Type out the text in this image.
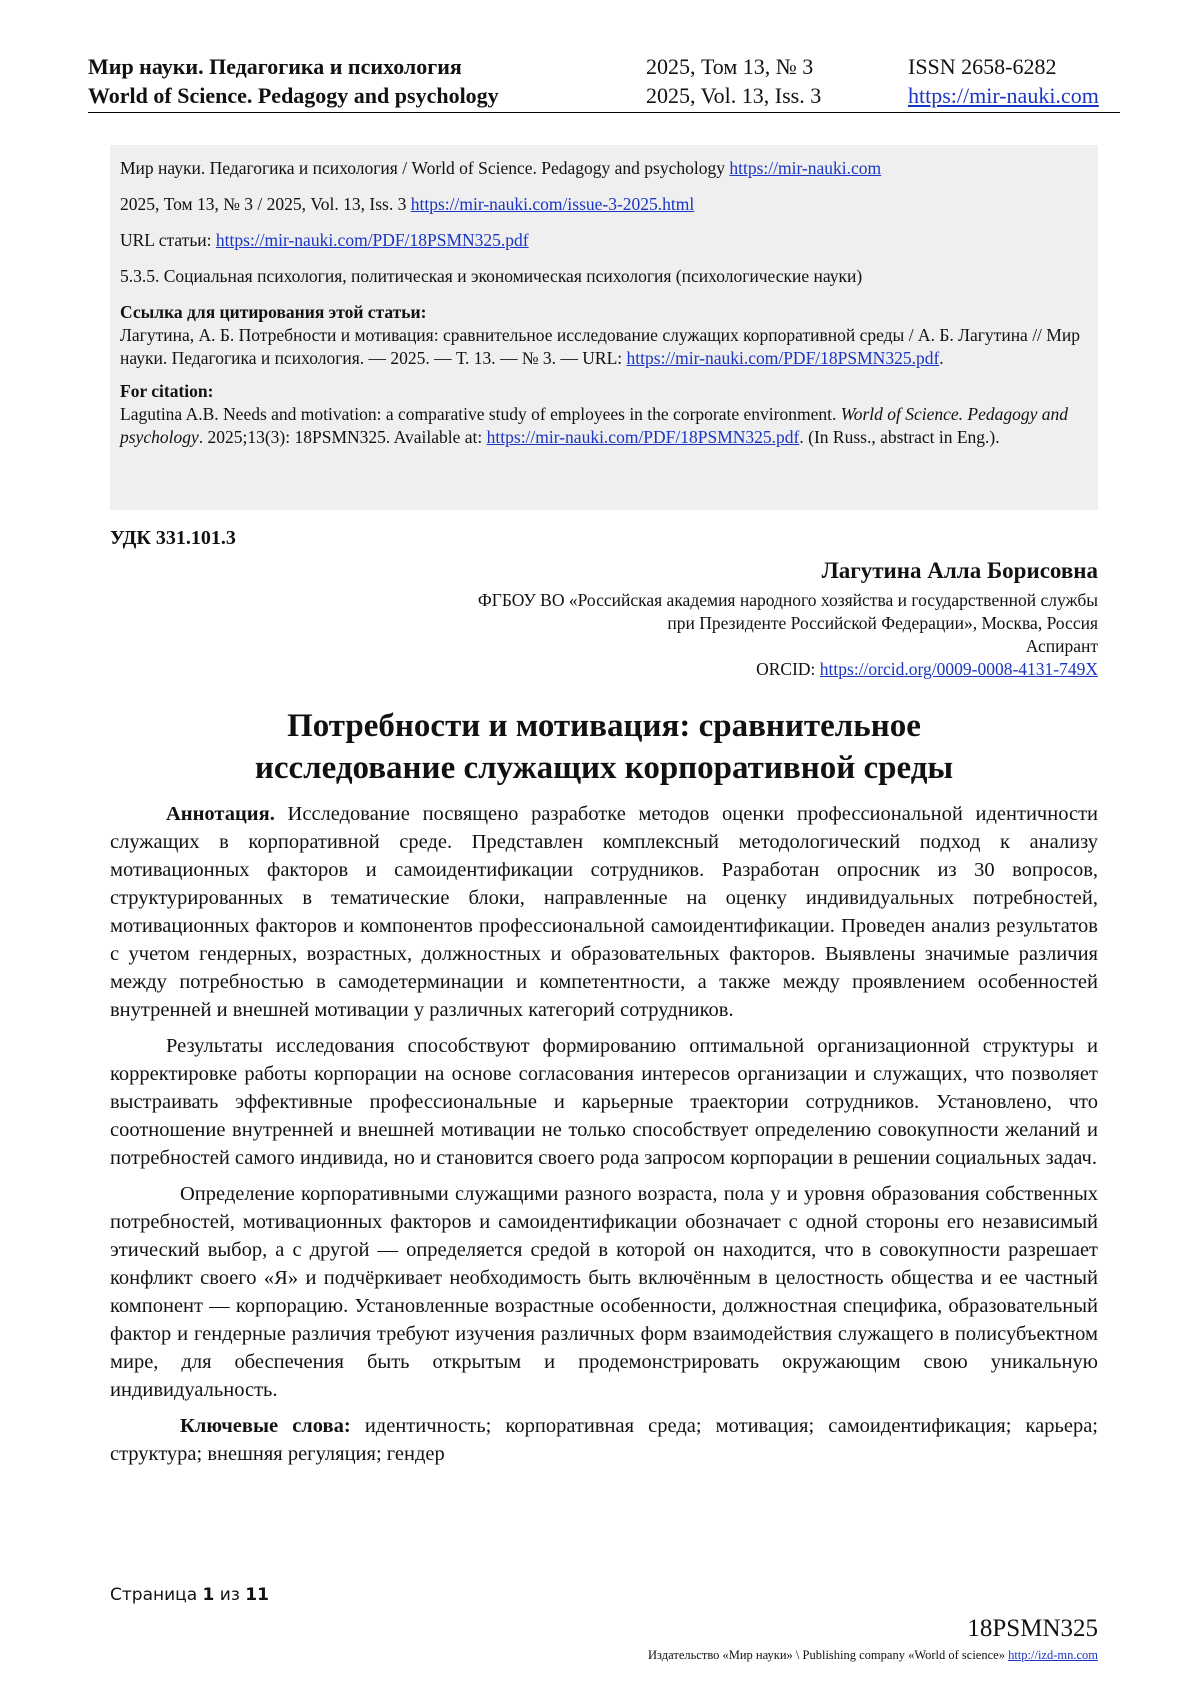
Мир науки. Педагогика и психология
World of Science. Pedagogy and psychology
2025, Том 13, № 3
2025, Vol. 13, Iss. 3
ISSN 2658-6282
https://mir-nauki.com

Мир науки. Педагогика и психология / World of Science. Pedagogy and psychology https://mir-nauki.com

2025, Том 13, № 3 / 2025, Vol. 13, Iss. 3 https://mir-nauki.com/issue-3-2025.html

URL статьи: https://mir-nauki.com/PDF/18PSMN325.pdf

5.3.5. Социальная психология, политическая и экономическая психология (психологические науки)

Ссылка для цитирования этой статьи:
Лагутина, А. Б. Потребности и мотивация: сравнительное исследование служащих корпоративной среды / А. Б. Лагутина // Мир науки. Педагогика и психология. — 2025. — Т. 13. — № 3. — URL: https://mir-nauki.com/PDF/18PSMN325.pdf.
For citation:
Lagutina A.B. Needs and motivation: a comparative study of employees in the corporate environment. World of Science. Pedagogy and psychology. 2025;13(3): 18PSMN325. Available at: https://mir-nauki.com/PDF/18PSMN325.pdf. (In Russ., abstract in Eng.).
УДК 331.101.3
Лагутина Алла Борисовна
ФГБОУ ВО «Российская академия народного хозяйства и государственной службы
при Президенте Российской Федерации», Москва, Россия
Аспирант
ORCID: https://orcid.org/0009-0008-4131-749X
Потребности и мотивация: сравнительное
исследование служащих корпоративной среды

Аннотация. Исследование посвящено разработке методов оценки профессиональной идентичности служащих в корпоративной среде. Представлен комплексный методологический подход к анализу мотивационных факторов и самоидентификации сотрудников. Разработан опросник из 30 вопросов, структурированных в тематические блоки, направленные на оценку индивидуальных потребностей, мотивационных факторов и компонентов профессиональной самоидентификации. Проведен анализ результатов с учетом гендерных, возрастных, должностных и образовательных факторов. Выявлены значимые различия между потребностью в самодетерминации и компетентности, а также между проявлением особенностей внутренней и внешней мотивации у различных категорий сотрудников.

Результаты исследования способствуют формированию оптимальной организационной структуры и корректировке работы корпорации на основе согласования интересов организации и служащих, что позволяет выстраивать эффективные профессиональные и карьерные траектории сотрудников. Установлено, что соотношение внутренней и внешней мотивации не только способствует определению совокупности желаний и потребностей самого индивида, но и становится своего рода запросом корпорации в решении социальных задач.

Определение корпоративными служащими разного возраста, пола у и уровня образования собственных потребностей, мотивационных факторов и самоидентификации обозначает с одной стороны его независимый этический выбор, а с другой — определяется средой в которой он находится, что в совокупности разрешает конфликт своего «Я» и подчёркивает необходимость быть включённым в целостность общества и ее частный компонент — корпорацию. Установленные возрастные особенности, должностная специфика, образовательный фактор и гендерные различия требуют изучения различных форм взаимодействия служащего в полисубъектном мире, для обеспечения быть открытым и продемонстрировать окружающим свою уникальную индивидуальность.

Ключевые слова: идентичность; корпоративная среда; мотивация; самоидентификация; карьера; структура; внешняя регуляция; гендер

Страница 1 из 11
18PSMN325
Издательство «Мир науки» \ Publishing company «World of science» http://izd-mn.com
